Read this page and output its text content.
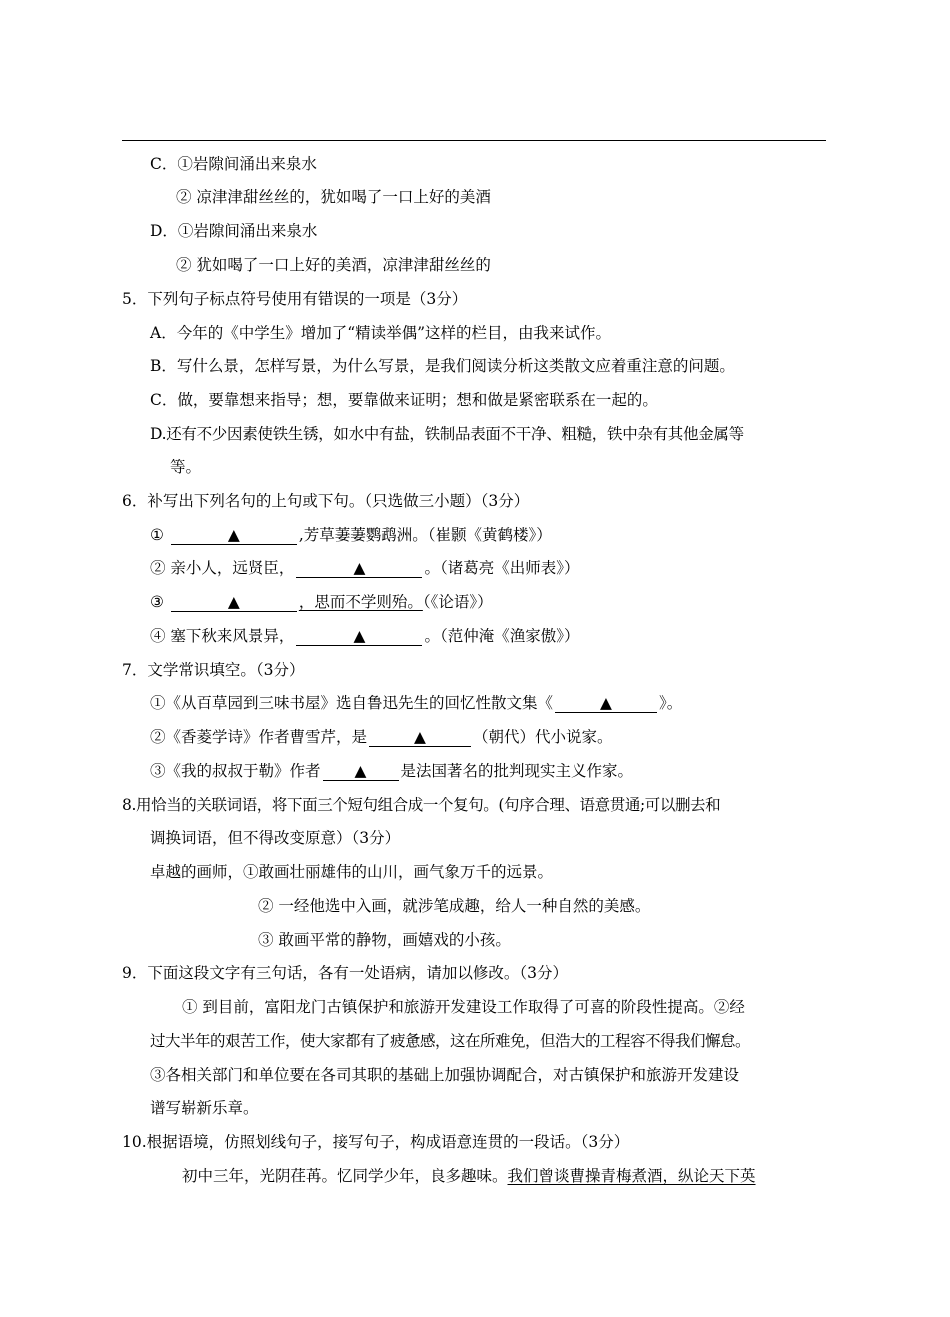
C．①岩隙间涌出来泉水
② 凉津津甜丝丝的，犹如喝了一口上好的美酒
D．①岩隙间涌出来泉水
② 犹如喝了一口上好的美酒，凉津津甜丝丝的
5．下列句子标点符号使用有错误的一项是（3分）
A．今年的《中学生》增加了“精读举偶”这样的栏目，由我来试作。
B．写什么景，怎样写景，为什么写景，是我们阅读分析这类散文应着重注意的问题。
C．做，要靠想来指导；想，要靠做来证明；想和做是紧密联系在一起的。
D.还有不少因素使铁生锈，如水中有盐，铁制品表面不干净、粗糙，铁中杂有其他金属等
等。
6．补写出下列名句的上句或下句。（只选做三小题）（3分）
①	▲	,芳草萋萋鹦鹉洲。（崔颢《黄鹤楼》）
② 亲小人，远贤臣，	▲	。（诸葛亮《出师表》）
③	▲	，思而不学则殆。（《论语》）
④ 塞下秋来风景异，	▲	。（范仲淹《渔家傲》）
7．文学常识填空。（3分）
①《从百草园到三味书屋》选自鲁迅先生的回忆性散文集《	▲	》。
②《香菱学诗》作者曹雪芹，是	▲	（朝代）代小说家。
③《我的叔叔于勒》作者 ▲ 是法国著名的批判现实主义作家。
8.用恰当的关联词语，将下面三个短句组合成一个复句。(句序合理、语意贯通;可以删去和
调换词语，但不得改变原意）（3分）
卓越的画师，①敢画壮丽雄伟的山川，画气象万千的远景。
② 一经他选中入画，就涉笔成趣，给人一种自然的美感。
③ 敢画平常的静物，画嬉戏的小孩。
9．下面这段文字有三句话，各有一处语病，请加以修改。（3分）
① 到目前，富阳龙门古镇保护和旅游开发建设工作取得了可喜的阶段性提高。②经
过大半年的艰苦工作，使大家都有了疲惫感，这在所难免，但浩大的工程容不得我们懈怠。
③各相关部门和单位要在各司其职的基础上加强协调配合，对古镇保护和旅游开发建设
谱写崭新乐章。
10.根据语境，仿照划线句子，接写句子，构成语意连贯的一段话。（3分）
初中三年，光阴荏苒。忆同学少年，良多趣味。我们曾谈曹操青梅煮酒，纵论天下英
